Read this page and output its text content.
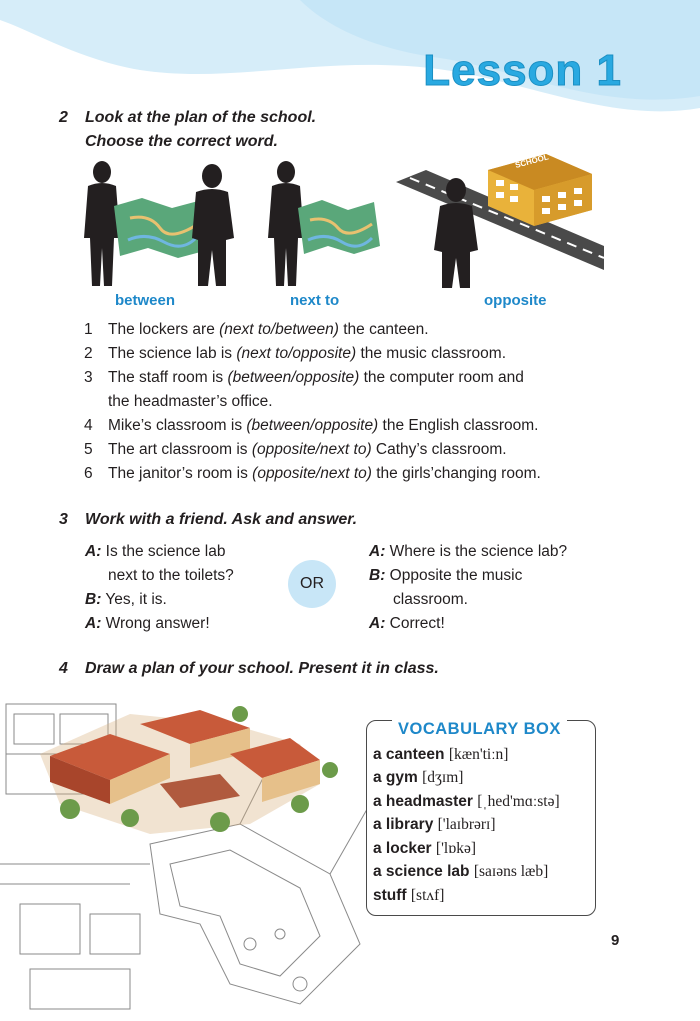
Lesson 1
2 Look at the plan of the school.
Choose the correct word.
between	next to
SCHOOL
opposite
1 The lockers are (next to/between) the canteen.
2 The science lab is (next to/opposite) the music classroom.
3 The staff room is (between/opposite) the computer room and
the headmaster’s office.
4 Mike’s classroom is (between/opposite) the English classroom.
5 The art classroom is (opposite/next to) Cathy’s classroom.
6 The janitor’s room is (opposite/next to) the girls’changing room.
3 Work with a friend. Ask and answer.
A: Is the science lab
next to the toilets?
B: Yes, it is.
A: Wrong answer!
OR
A: Where is the science lab?
B: Opposite the music
classroom.
A: Correct!
4 Draw a plan of your school. Present it in class.
VOCABULARY BOX
a canteen [kæn'tiːn]
a gym [dʒɪm]
a headmaster [ˌhed'mɑːstə]
a library ['laɪbrərɪ]
a locker ['lɒkə]
a science lab [saɪəns læb]
stuff [stʌf]
9
